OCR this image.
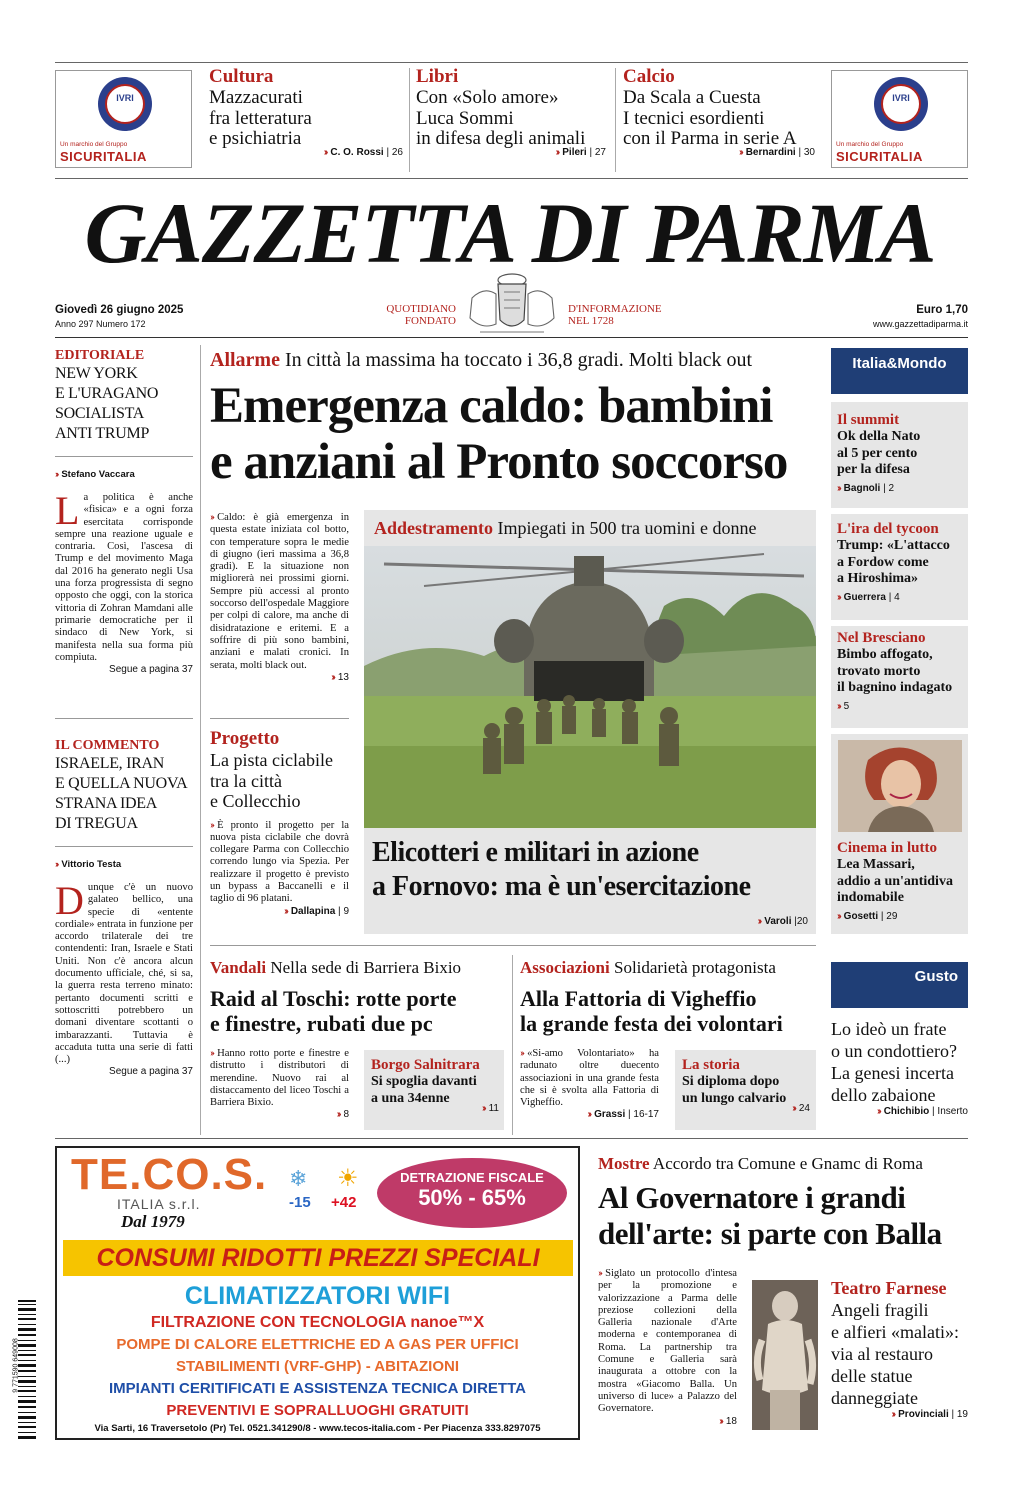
IVRI
Un marchio del Gruppo
SICURITALIA
IVRI
Un marchio del Gruppo
SICURITALIA
Cultura
Mazzacurati
fra letteratura
e psichiatria
›› C. O. Rossi | 26
Libri
Con «Solo amore»
Luca Sommi
in difesa degli animali
›› Pileri | 27
Calcio
Da Scala a Cuesta
I tecnici esordienti
con il Parma in serie A
›› Bernardini | 30
GAZZETTA DI PARMA
Giovedì 26 giugno 2025
Anno 297 Numero 172
QUOTIDIANO
FONDATO
D'INFORMAZIONE
NEL 1728
Euro 1,70
www.gazzettadiparma.it
EDITORIALE
NEW YORK
E L'URAGANO
SOCIALISTA
ANTI TRUMP
›› Stefano Vaccara
La politica è anche «fisica» e a ogni forza esercitata corrisponde sempre una reazione uguale e contraria. Così, l'ascesa di Trump e del movimento Maga dal 2016 ha generato negli Usa una forza progressista di segno opposto che oggi, con la storica vittoria di Zohran Mamdani alle primarie democratiche per il sindaco di New York, si manifesta nella sua forma più compiuta.
Segue a pagina 37
IL COMMENTO
ISRAELE, IRAN
E QUELLA NUOVA
STRANA IDEA
DI TREGUA
›› Vittorio Testa
Dunque c'è un nuovo galateo bellico, una specie di «entente cordiale» entrata in funzione per accordo trilaterale dei tre contendenti: Iran, Israele e Stati Uniti. Non c'è ancora alcun documento ufficiale, ché, si sa, la guerra resta terreno minato: pertanto documenti scritti e sottoscritti potrebbero un domani diventare scottanti o imbarazzanti. Tuttavia è accaduta tutta una serie di fatti (...)
Segue a pagina 37
Allarme In città la massima ha toccato i 36,8 gradi. Molti black out
Emergenza caldo: bambini
e anziani al Pronto soccorso
›› Caldo: è già emergenza in questa estate iniziata col botto, con temperature sopra le medie di giugno (ieri massima a 36,8 gradi). E la situazione non migliorerà nei prossimi giorni. Sempre più accessi al pronto soccorso dell'ospedale Maggiore per colpi di calore, ma anche di disidratazione e eritemi. E a soffrire di più sono bambini, anziani e malati cronici. In serata, molti black out.
›› 13
Addestramento Impiegati in 500 tra uomini e donne
Elicotteri e militari in azione
a Fornovo: ma è un'esercitazione
›› Varoli |20
Progetto
La pista ciclabile
tra la città
e Collecchio
›› È pronto il progetto per la nuova pista ciclabile che dovrà collegare Parma con Collecchio correndo lungo via Spezia. Per realizzare il progetto è previsto un bypass a Baccanelli e il taglio di 96 platani.
›› Dallapina | 9
Italia&Mondo
Il summit
Ok della Nato
al 5 per cento
per la difesa
›› Bagnoli | 2
L'ira del tycoon
Trump: «L'attacco
a Fordow come
a Hiroshima»
›› Guerrera | 4
Nel Bresciano
Bimbo affogato,
trovato morto
il bagnino indagato
›› 5
Cinema in lutto
Lea Massari,
addio a un'antidiva
indomabile
›› Gosetti | 29
Vandali Nella sede di Barriera Bixio
Raid al Toschi: rotte porte
e finestre, rubati due pc
›› Hanno rotto porte e finestre e distrutto i distributori di merendine. Nuovo rai al distaccamento del liceo Toschi a Barriera Bixio.
›› 8
Borgo Salnitrara
Si spoglia davanti
a una 34enne
›› 11
Associazioni Solidarietà protagonista
Alla Fattoria di Vigheffio
la grande festa dei volontari
›› «Si-amo Volontariato» ha radunato oltre duecento associazioni in una grande festa che si è svolta alla Fattoria di Vigheffio.
›› Grassi | 16-17
La storia
Si diploma dopo
un lungo calvario
›› 24
Gusto
Lo ideò un frate
o un condottiero?
La genesi incerta
dello zabaione
›› Chichibio | Inserto
TE.CO.S.
ITALIA s.r.l.
Dal 1979
❄ ☀
-15 +42
DETRAZIONE FISCALE
50% - 65%
CONSUMI RIDOTTI PREZZI SPECIALI
CLIMATIZZATORI WIFI
FILTRAZIONE CON TECNOLOGIA nanoe™X
POMPE DI CALORE ELETTRICHE ED A GAS PER UFFICI
STABILIMENTI (VRF-GHP) - ABITAZIONI
IMPIANTI CERITIFICATI E ASSISTENZA TECNICA DIRETTA
PREVENTIVI E SOPRALLUOGHI GRATUITI
Via Sarti, 16 Traversetolo (Pr) Tel. 0521.341290/8 - www.tecos-italia.com - Per Piacenza 333.8297075
9 771590 649008
Mostre Accordo tra Comune e Gnamc di Roma
Al Governatore i grandi
dell'arte: si parte con Balla
›› Siglato un protocollo d'intesa per la promozione e valorizzazione a Parma delle preziose collezioni della Galleria nazionale d'Arte moderna e contemporanea di Roma. La partnership tra Comune e Galleria sarà inaugurata a ottobre con la mostra «Giacomo Balla. Un universo di luce» a Palazzo del Governatore.
›› 18
Teatro Farnese
Angeli fragili
e alfieri «malati»:
via al restauro
delle statue
danneggiate
›› Provinciali | 19
